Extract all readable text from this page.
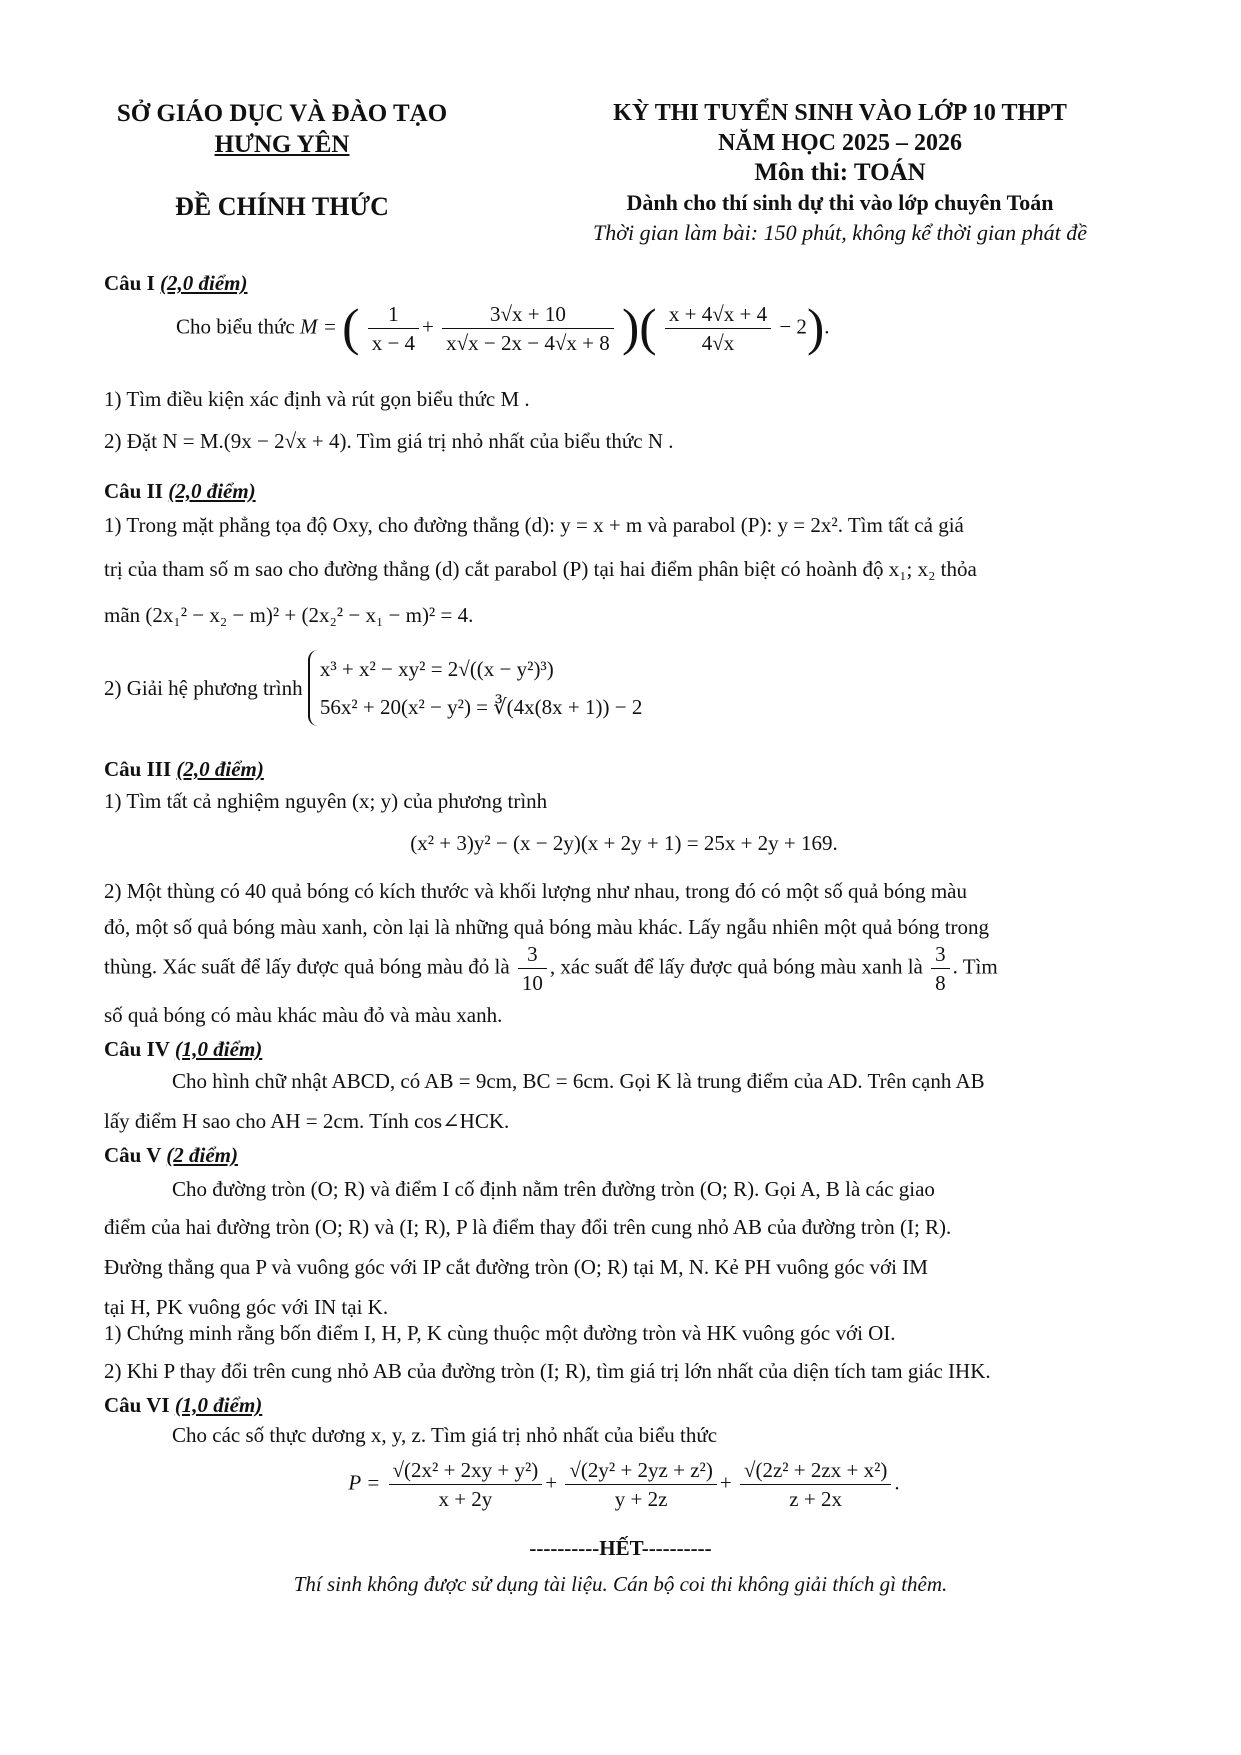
SỞ GIÁO DỤC VÀ ĐÀO TẠO
HƯNG YÊN
ĐỀ CHÍNH THỨC
KỲ THI TUYỂN SINH VÀO LỚP 10 THPT
NĂM HỌC 2025 – 2026
Môn thi: TOÁN
Dành cho thí sinh dự thi vào lớp chuyên Toán
Thời gian làm bài: 150 phút, không kể thời gian phát đề
Câu I (2,0 điểm)
Cho biểu thức M = ( $\frac{1}{x - 4} + \frac{3√x + 10}{x√x - 2x - 4√x + 8}$ )( $\frac{x + 4√x + 4}{4√x} - 2$).
1) Tìm điều kiện xác định và rút gọn biểu thức M .
2) Đặt N = M.(9x − 2√x + 4). Tìm giá trị nhỏ nhất của biểu thức N .
Câu II (2,0 điểm)
1) Trong mặt phẳng tọa độ Oxy, cho đường thẳng (d): y = x + m và parabol (P): y = 2x². Tìm tất cả giá
trị của tham số m sao cho đường thẳng (d) cắt parabol (P) tại hai điểm phân biệt có hoành độ x₁; x₂ thỏa
mãn (2x₁² − x₂ − m)² + (2x₂² − x₁ − m)² = 4.
2) Giải hệ phương trình
x³ + x² − xy² = 2√((x − y²)³)
56x² + 20(x² − y²) = ∛(4x(8x + 1)) − 2
Câu III (2,0 điểm)
1) Tìm tất cả nghiệm nguyên (x; y) của phương trình
(x² + 3)y² − (x − 2y)(x + 2y + 1) = 25x + 2y + 169.
2) Một thùng có 40 quả bóng có kích thước và khối lượng như nhau, trong đó có một số quả bóng màu
đỏ, một số quả bóng màu xanh, còn lại là những quả bóng màu khác. Lấy ngẫu nhiên một quả bóng trong
thùng. Xác suất để lấy được quả bóng màu đỏ là $\frac{3}{10}$ , xác suất để lấy được quả bóng màu xanh là $\frac{3}{8}$ . Tìm
số quả bóng có màu khác màu đỏ và màu xanh.
Câu IV (1,0 điểm)
Cho hình chữ nhật ABCD, có AB = 9cm, BC = 6cm. Gọi K là trung điểm của AD. Trên cạnh AB
lấy điểm H sao cho AH = 2cm. Tính cos∠HCK.
Câu V (2 điểm)
Cho đường tròn (O; R) và điểm I cố định nằm trên đường tròn (O; R). Gọi A, B là các giao
điểm của hai đường tròn (O; R) và (I; R), P là điểm thay đổi trên cung nhỏ AB của đường tròn (I; R).
Đường thẳng qua P và vuông góc với IP cắt đường tròn (O; R) tại M, N. Kẻ PH vuông góc với IM
tại H, PK vuông góc với IN tại K.
1) Chứng minh rằng bốn điểm I, H, P, K cùng thuộc một đường tròn và HK vuông góc với OI.
2) Khi P thay đổi trên cung nhỏ AB của đường tròn (I; R), tìm giá trị lớn nhất của diện tích tam giác IHK.
Câu VI (1,0 điểm)
Cho các số thực dương x, y, z. Tìm giá trị nhỏ nhất của biểu thức
$P = \frac{\text{√(2x² + 2xy + y²)}}{x + 2y} + \frac{\text{√(2y² + 2yz + z²)}}{y + 2z} + \frac{\text{√(2z² + 2zx + x²)}}{z + 2x}$ .
----------HẾT----------
Thí sinh không được sử dụng tài liệu. Cán bộ coi thi không giải thích gì thêm.
